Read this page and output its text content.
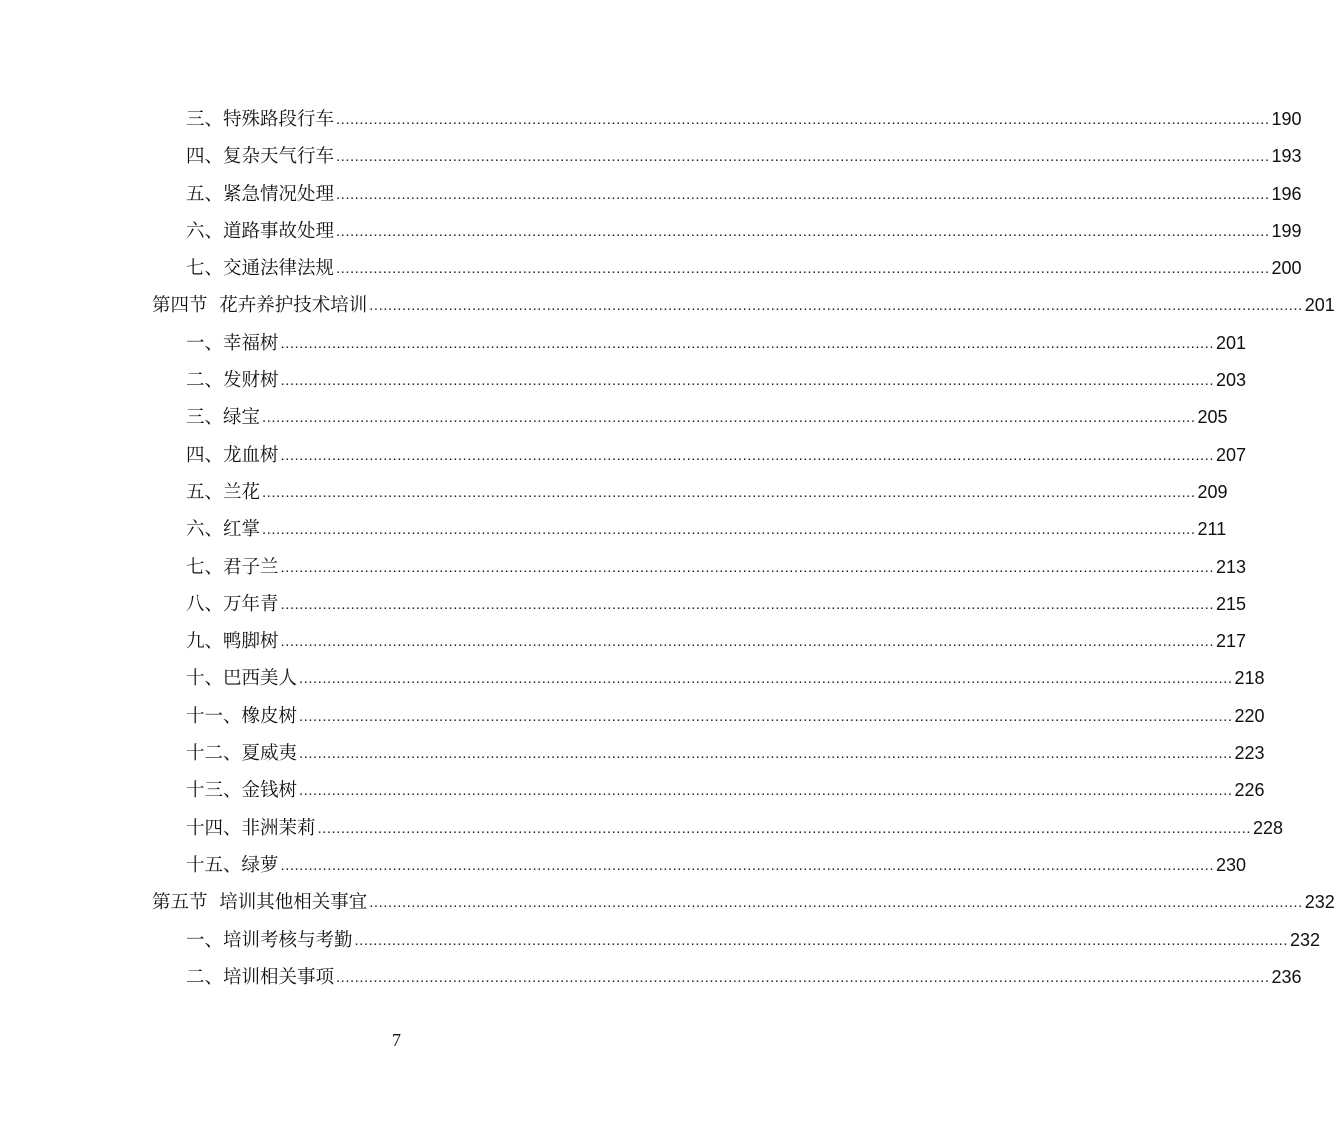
三、特殊路段行车 ........................................................................................................................................................................................................ 190
四、复杂天气行车 ........................................................................................................................................................................................................ 193
五、紧急情况处理 ........................................................................................................................................................................................................ 196
六、道路事故处理 ........................................................................................................................................................................................................ 199
七、交通法律法规 ........................................................................................................................................................................................................ 200
第四节  花卉养护技术培训 ........................................................................................................................................................................................................ 201
一、幸福树 ........................................................................................................................................................................................................ 201
二、发财树 ........................................................................................................................................................................................................ 203
三、绿宝 ........................................................................................................................................................................................................ 205
四、龙血树 ........................................................................................................................................................................................................ 207
五、兰花 ........................................................................................................................................................................................................ 209
六、红掌 ........................................................................................................................................................................................................ 211
七、君子兰 ........................................................................................................................................................................................................ 213
八、万年青 ........................................................................................................................................................................................................ 215
九、鸭脚树 ........................................................................................................................................................................................................ 217
十、巴西美人 ........................................................................................................................................................................................................ 218
十一、橡皮树 ........................................................................................................................................................................................................ 220
十二、夏威夷 ........................................................................................................................................................................................................ 223
十三、金钱树 ........................................................................................................................................................................................................ 226
十四、非洲茉莉 ........................................................................................................................................................................................................ 228
十五、绿萝 ........................................................................................................................................................................................................ 230
第五节  培训其他相关事宜 ........................................................................................................................................................................................................ 232
一、培训考核与考勤 ........................................................................................................................................................................................................ 232
二、培训相关事项 ........................................................................................................................................................................................................ 236
7
